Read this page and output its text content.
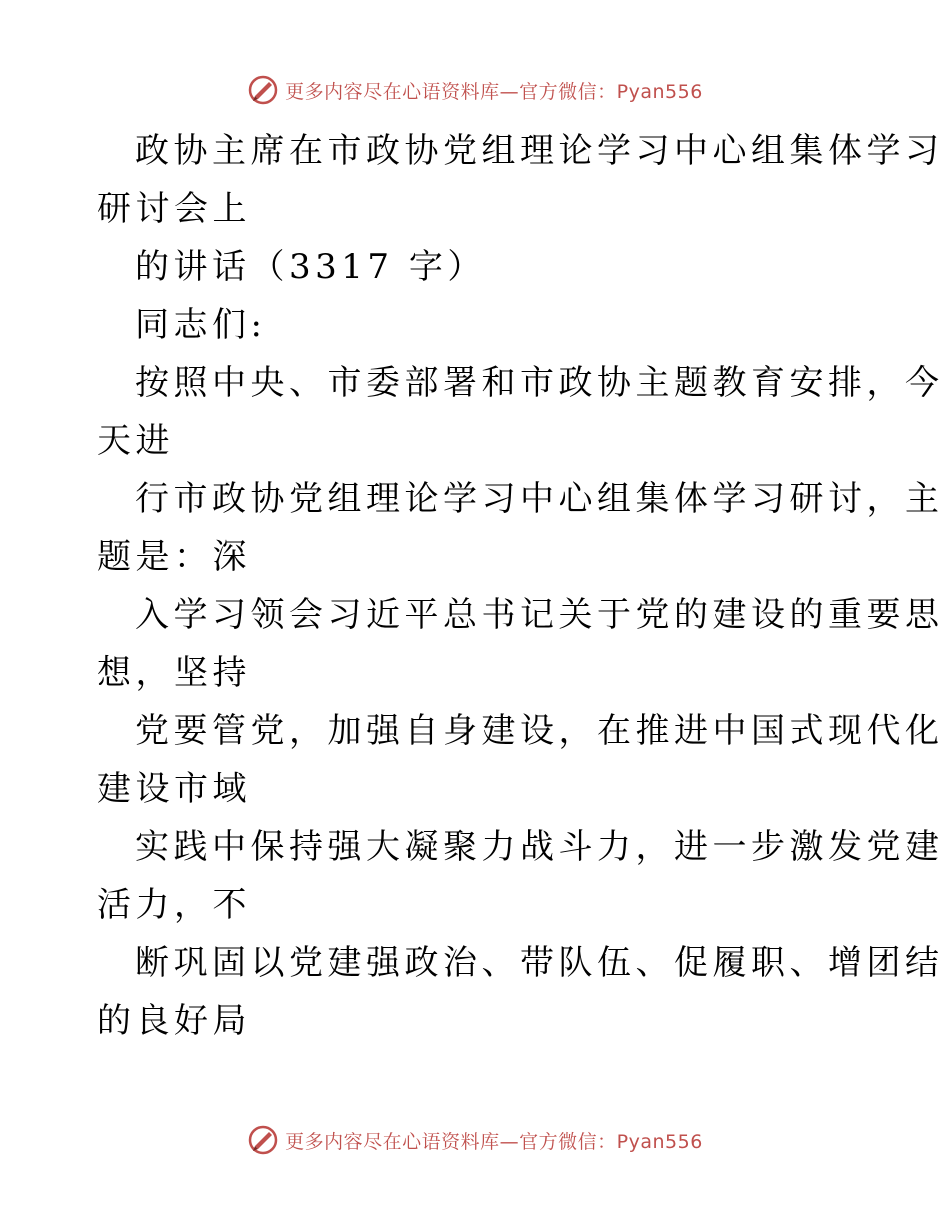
更多内容尽在心语资料库—官方微信：Pyan556
政协主席在市政协党组理论学习中心组集体学习
研讨会上
的讲话（3317 字）
同志们:
按照中央、市委部署和市政协主题教育安排，今
天进
行市政协党组理论学习中心组集体学习研讨，主
题是：深
入学习领会习近平总书记关于党的建设的重要思
想，坚持
党要管党，加强自身建设，在推进中国式现代化
建设市域
实践中保持强大凝聚力战斗力，进一步激发党建
活力，不
断巩固以党建强政治、带队伍、促履职、增团结
的良好局
更多内容尽在心语资料库—官方微信：Pyan556
